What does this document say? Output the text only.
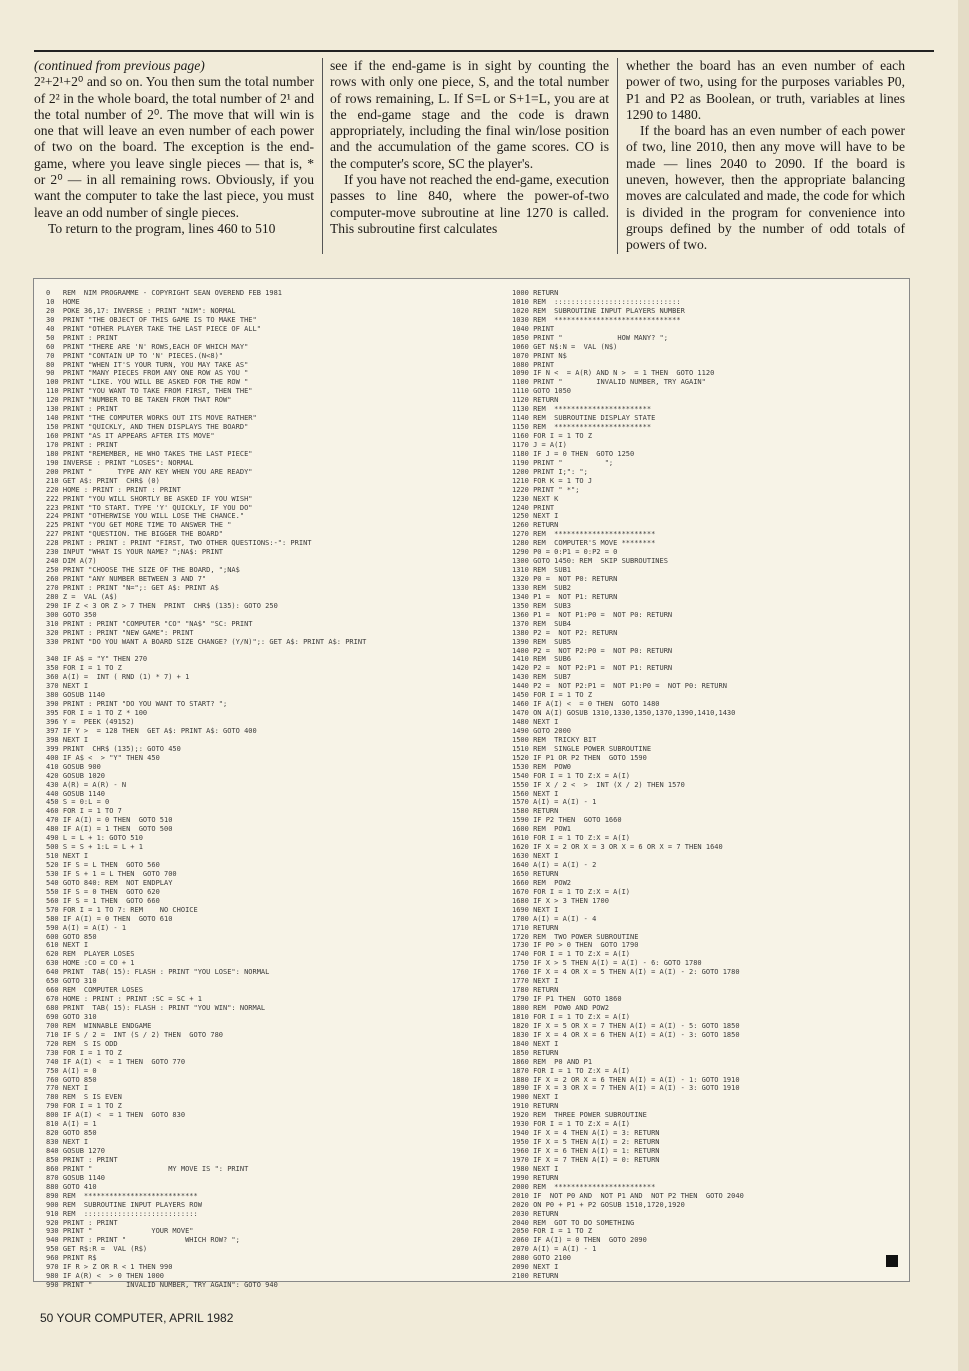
(continued from previous page)

2²+2¹+2⁰ and so on. You then sum the total number of 2² in the whole board, the total number of 2¹ and the total number of 2⁰. The move that will win is one that will leave an even number of each power of two on the board. The exception is the end-game, where you leave single pieces — that is, * or 2⁰ — in all remaining rows. Obviously, if you want the computer to take the last piece, you must leave an odd number of single pieces.

To return to the program, lines 460 to 510

see if the end-game is in sight by counting the rows with only one piece, S, and the total number of rows remaining, L. If S=L or S+1=L, you are at the end-game stage and the code is drawn appropriately, including the final win/lose position and the accumulation of the game scores. CO is the computer's score, SC the player's.

If you have not reached the end-game, execution passes to line 840, where the power-of-two computer-move subroutine at line 1270 is called. This subroutine first calculates

whether the board has an even number of each power of two, using for the purposes variables P0, P1 and P2 as Boolean, or truth, variables at lines 1290 to 1480.

If the board has an even number of each power of two, line 2010, then any move will have to be made — lines 2040 to 2090. If the board is uneven, however, then the appropriate balancing moves are calculated and made, the code for which is divided in the program for convenience into groups defined by the number of odd totals of powers of two.

0   REM  NIM PROGRAMME - COPYRIGHT SEAN OVEREND FEB 1981
10  HOME
20  POKE 36,17: INVERSE : PRINT "NIM": NORMAL
30  PRINT "THE OBJECT OF THIS GAME IS TO MAKE THE"
40  PRINT "OTHER PLAYER TAKE THE LAST PIECE OF ALL"
50  PRINT : PRINT
60  PRINT "THERE ARE 'N' ROWS,EACH OF WHICH MAY"
70  PRINT "CONTAIN UP TO 'N' PIECES.(N<8)"
80  PRINT "WHEN IT'S YOUR TURN, YOU MAY TAKE AS"
90  PRINT "MANY PIECES FROM ANY ONE ROW AS YOU "
100 PRINT "LIKE. YOU WILL BE ASKED FOR THE ROW "
110 PRINT "YOU WANT TO TAKE FROM FIRST, THEN THE"
120 PRINT "NUMBER TO BE TAKEN FROM THAT ROW"
130 PRINT : PRINT
140 PRINT "THE COMPUTER WORKS OUT ITS MOVE RATHER"
150 PRINT "QUICKLY, AND THEN DISPLAYS THE BOARD"
160 PRINT "AS IT APPEARS AFTER ITS MOVE"
170 PRINT : PRINT
180 PRINT "REMEMBER, HE WHO TAKES THE LAST PIECE"
190 INVERSE : PRINT "LOSES": NORMAL
200 PRINT "      TYPE ANY KEY WHEN YOU ARE READY"
210 GET A$: PRINT  CHR$ (0)
220 HOME : PRINT : PRINT : PRINT
222 PRINT "YOU WILL SHORTLY BE ASKED IF YOU WISH"
223 PRINT "TO START. TYPE 'Y' QUICKLY, IF YOU DO"
224 PRINT "OTHERWISE YOU WILL LOSE THE CHANCE."
225 PRINT "YOU GET MORE TIME TO ANSWER THE "
227 PRINT "QUESTION. THE BIGGER THE BOARD"
228 PRINT : PRINT : PRINT "FIRST, TWO OTHER QUESTIONS:-": PRINT
230 INPUT "WHAT IS YOUR NAME? ";NA$: PRINT
240 DIM A(7)
250 PRINT "CHOOSE THE SIZE OF THE BOARD, ";NA$
260 PRINT "ANY NUMBER BETWEEN 3 AND 7"
270 PRINT : PRINT "N=";: GET A$: PRINT A$
280 Z =  VAL (A$)
290 IF Z < 3 OR Z > 7 THEN  PRINT  CHR$ (135): GOTO 250
300 GOTO 350
310 PRINT : PRINT "COMPUTER "CO" "NA$" "SC: PRINT
320 PRINT : PRINT "NEW GAME": PRINT
330 PRINT "DO YOU WANT A BOARD SIZE CHANGE? (Y/N)";: GET A$: PRINT A$: PRINT
340 IF A$ = "Y" THEN 270
350 FOR I = 1 TO Z
360 A(I) =  INT ( RND (1) * 7) + 1
370 NEXT I
380 GOSUB 1140
390 PRINT : PRINT "DO YOU WANT TO START? ";
395 FOR I = 1 TO Z * 100
396 Y =  PEEK (49152)
397 IF Y >  = 128 THEN  GET A$: PRINT A$: GOTO 400
398 NEXT I
399 PRINT  CHR$ (135);: GOTO 450
400 IF A$ <  > "Y" THEN 450
410 GOSUB 900
420 GOSUB 1020
430 A(R) = A(R) - N
440 GOSUB 1140
450 S = 0:L = 0
460 FOR I = 1 TO 7
470 IF A(I) = 0 THEN  GOTO 510
480 IF A(I) = 1 THEN  GOTO 500
490 L = L + 1: GOTO 510
500 S = S + 1:L = L + 1
510 NEXT I
520 IF S = L THEN  GOTO 560
530 IF S + 1 = L THEN  GOTO 700
540 GOTO 840: REM  NOT ENDPLAY
550 IF S = 0 THEN  GOTO 620
560 IF S = 1 THEN  GOTO 660
570 FOR I = 1 TO 7: REM    NO CHOICE
580 IF A(I) = 0 THEN  GOTO 610
590 A(I) = A(I) - 1
600 GOTO 850
610 NEXT I
620 REM  PLAYER LOSES
630 HOME :CO = CO + 1
640 PRINT  TAB( 15): FLASH : PRINT "YOU LOSE": NORMAL
650 GOTO 310
660 REM  COMPUTER LOSES
670 HOME : PRINT : PRINT :SC = SC + 1
680 PRINT  TAB( 15): FLASH : PRINT "YOU WIN": NORMAL
690 GOTO 310
700 REM  WINNABLE ENDGAME
710 IF S / 2 =  INT (S / 2) THEN  GOTO 780
720 REM  S IS ODD
730 FOR I = 1 TO Z
740 IF A(I) <  = 1 THEN  GOTO 770
750 A(I) = 0
760 GOTO 850
770 NEXT I
780 REM  S IS EVEN
790 FOR I = 1 TO Z
800 IF A(I) <  = 1 THEN  GOTO 830
810 A(I) = 1
820 GOTO 850
830 NEXT I
840 GOSUB 1270
850 PRINT : PRINT
860 PRINT "                  MY MOVE IS ": PRINT
870 GOSUB 1140
880 GOTO 410
890 REM  ***************************
900 REM  SUBROUTINE INPUT PLAYERS ROW
910 REM  :::::::::::::::::::::::::::
920 PRINT : PRINT
930 PRINT "              YOUR MOVE"
940 PRINT : PRINT "              WHICH ROW? ";
950 GET R$:R =  VAL (R$)
960 PRINT R$
970 IF R > Z OR R < 1 THEN 990
980 IF A(R) <  > 0 THEN 1000
990 PRINT "        INVALID NUMBER, TRY AGAIN": GOTO 940
1000 RETURN
1010 REM  ::::::::::::::::::::::::::::::
1020 REM  SUBROUTINE INPUT PLAYERS NUMBER
1030 REM  ******************************
1040 PRINT
1050 PRINT "             HOW MANY? ";
1060 GET N$:N =  VAL (N$)
1070 PRINT N$
1080 PRINT
1090 IF N <  = A(R) AND N >  = 1 THEN  GOTO 1120
1100 PRINT "        INVALID NUMBER, TRY AGAIN"
1110 GOTO 1050
1120 RETURN
1130 REM  ***********************
1140 REM  SUBROUTINE DISPLAY STATE
1150 REM  ***********************
1160 FOR I = 1 TO Z
1170 J = A(I)
1180 IF J = 0 THEN  GOTO 1250
1190 PRINT "          ";
1200 PRINT I;": ";
1210 FOR K = 1 TO J
1220 PRINT " *";
1230 NEXT K
1240 PRINT
1250 NEXT I
1260 RETURN
1270 REM  ************************
1280 REM  COMPUTER'S MOVE ********
1290 P0 = 0:P1 = 0:P2 = 0
1300 GOTO 1450: REM  SKIP SUBROUTINES
1310 REM  SUB1
1320 P0 =  NOT P0: RETURN
1330 REM  SUB2
1340 P1 =  NOT P1: RETURN
1350 REM  SUB3
1360 P1 =  NOT P1:P0 =  NOT P0: RETURN
1370 REM  SUB4
1380 P2 =  NOT P2: RETURN
1390 REM  SUB5
1400 P2 =  NOT P2:P0 =  NOT P0: RETURN
1410 REM  SUB6
1420 P2 =  NOT P2:P1 =  NOT P1: RETURN
1430 REM  SUB7
1440 P2 =  NOT P2:P1 =  NOT P1:P0 =  NOT P0: RETURN
1450 FOR I = 1 TO Z
1460 IF A(I) <  = 0 THEN  GOTO 1480
1470 ON A(I) GOSUB 1310,1330,1350,1370,1390,1410,1430
1480 NEXT I
1490 GOTO 2000
1500 REM  TRICKY BIT
1510 REM  SINGLE POWER SUBROUTINE
1520 IF P1 OR P2 THEN  GOTO 1590
1530 REM  POW0
1540 FOR I = 1 TO Z:X = A(I)
1550 IF X / 2 <  >  INT (X / 2) THEN 1570
1560 NEXT I
1570 A(I) = A(I) - 1
1580 RETURN
1590 IF P2 THEN  GOTO 1660
1600 REM  POW1
1610 FOR I = 1 TO Z:X = A(I)
1620 IF X = 2 OR X = 3 OR X = 6 OR X = 7 THEN 1640
1630 NEXT I
1640 A(I) = A(I) - 2
1650 RETURN
1660 REM  POW2
1670 FOR I = 1 TO Z:X = A(I)
1680 IF X > 3 THEN 1700
1690 NEXT I
1700 A(I) = A(I) - 4
1710 RETURN
1720 REM  TWO POWER SUBROUTINE
1730 IF P0 > 0 THEN  GOTO 1790
1740 FOR I = 1 TO Z:X = A(I)
1750 IF X > 5 THEN A(I) = A(I) - 6: GOTO 1780
1760 IF X = 4 OR X = 5 THEN A(I) = A(I) - 2: GOTO 1780
1770 NEXT I
1780 RETURN
1790 IF P1 THEN  GOTO 1860
1800 REM  POW0 AND POW2
1810 FOR I = 1 TO Z:X = A(I)
1820 IF X = 5 OR X = 7 THEN A(I) = A(I) - 5: GOTO 1850
1830 IF X = 4 OR X = 6 THEN A(I) = A(I) - 3: GOTO 1850
1840 NEXT I
1850 RETURN
1860 REM  P0 AND P1
1870 FOR I = 1 TO Z:X = A(I)
1880 IF X = 2 OR X = 6 THEN A(I) = A(I) - 1: GOTO 1910
1890 IF X = 3 OR X = 7 THEN A(I) = A(I) - 3: GOTO 1910
1900 NEXT I
1910 RETURN
1920 REM  THREE POWER SUBROUTINE
1930 FOR I = 1 TO Z:X = A(I)
1940 IF X = 4 THEN A(I) = 3: RETURN
1950 IF X = 5 THEN A(I) = 2: RETURN
1960 IF X = 6 THEN A(I) = 1: RETURN
1970 IF X = 7 THEN A(I) = 0: RETURN
1980 NEXT I
1990 RETURN
2000 REM  ************************
2010 IF  NOT P0 AND  NOT P1 AND  NOT P2 THEN  GOTO 2040
2020 ON P0 + P1 + P2 GOSUB 1510,1720,1920
2030 RETURN
2040 REM  GOT TO DO SOMETHING
2050 FOR I = 1 TO Z
2060 IF A(I) = 0 THEN  GOTO 2090
2070 A(I) = A(I) - 1
2080 GOTO 2100
2090 NEXT I
2100 RETURN
50 YOUR COMPUTER, APRIL 1982
